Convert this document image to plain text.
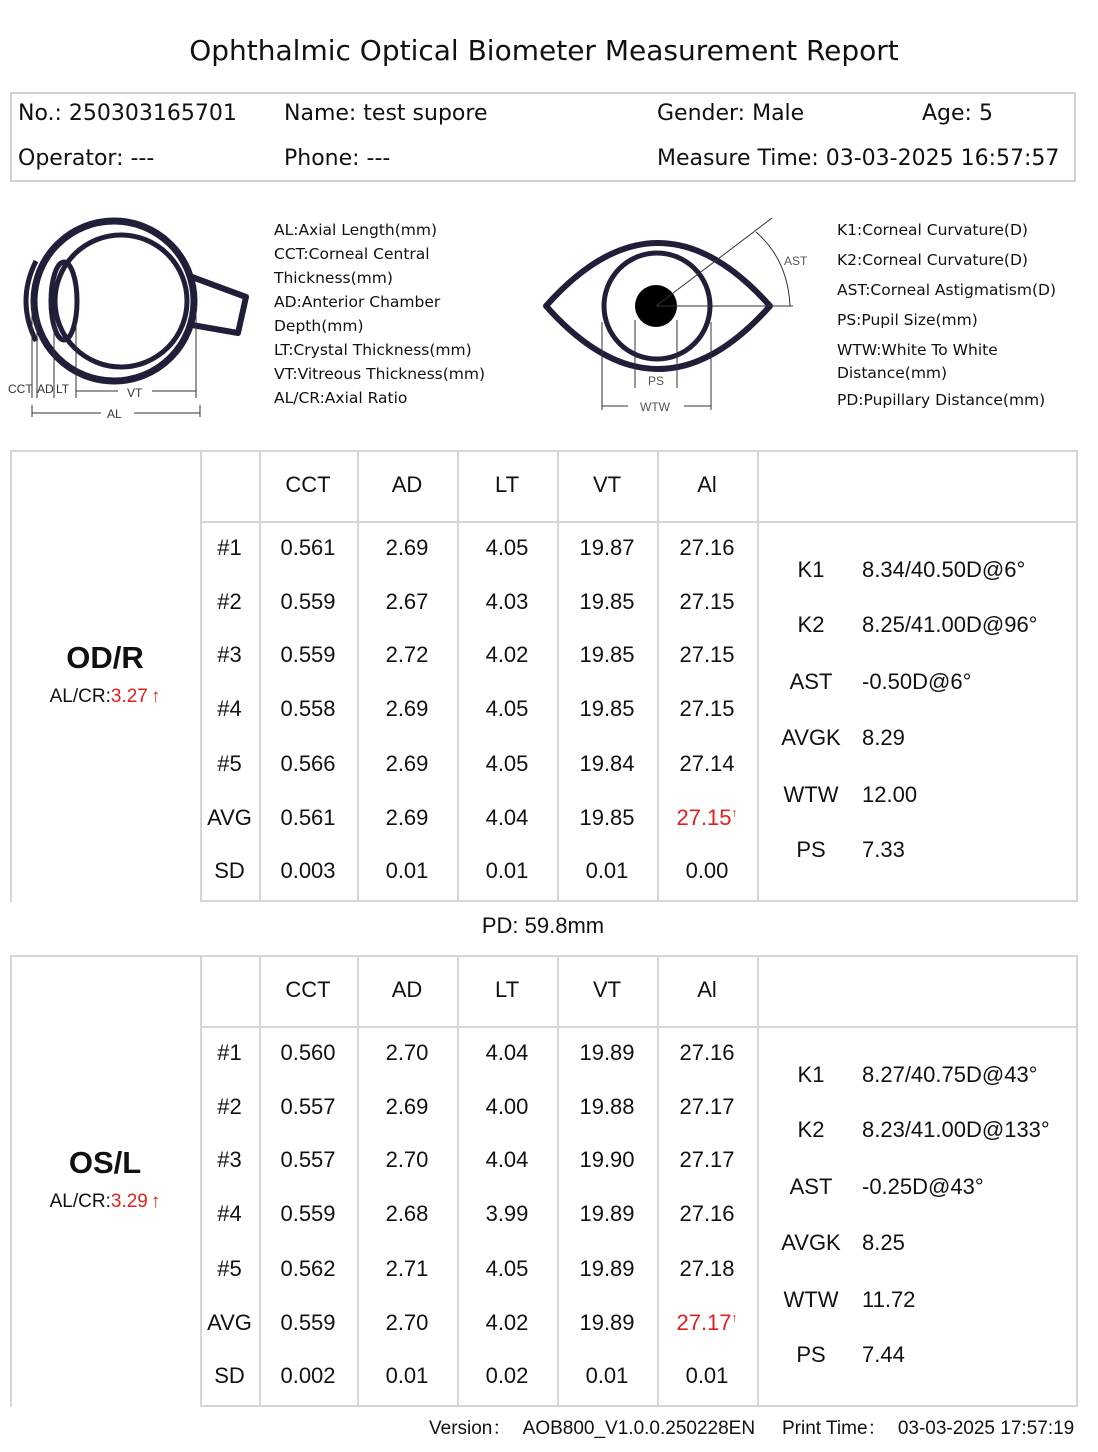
Ophthalmic Optical Biometer Measurement Report
No.: 250303165701 Name: test supore	Gender: Male	Age: 5
Operator: ---	Phone: ---	Measure Time: 03-03-2025 16:57:57
CCT AD LT	VT
AL
AL:Axial Length(mm)
CCT:Corneal Central
Thickness(mm)
AD:Anterior Chamber
Depth(mm)
LT:Crystal Thickness(mm)
VT:Vitreous Thickness(mm)
AL/CR:Axial Ratio
AST
PS
WTW
K1:Corneal Curvature(D)
K2:Corneal Curvature(D)
AST:Corneal Astigmatism(D)
PS:Pupil Size(mm)
WTW:White To White
Distance(mm)
PD:Pupillary Distance(mm)
CCT	AD	LT	VT	Al
#1	0.561	2.69	4.05	19.87	27.16
#2	0.559	2.67	4.03	19.85	27.15
#3	0.559	2.72	4.02	19.85	27.15
#4	0.558	2.69	4.05	19.85	27.15
#5	0.566	2.69	4.05	19.84	27.14
AVG	0.561	2.69	4.04	19.85	27.15↑
SD	0.003	0.01	0.01	0.01	0.00
OD/R
AL/CR:3.27 ↑
K1	8.34/40.50D@6°
K2	8.25/41.00D@96°
AST	-0.50D@6°
AVGK 8.29
WTW	12.00
PS	7.33
PD: 59.8mm
CCT	AD	LT	VT	Al
#1	0.560	2.70	4.04	19.89	27.16
#2	0.557	2.69	4.00	19.88	27.17
#3	0.557	2.70	4.04	19.90	27.17
#4	0.559	2.68	3.99	19.89	27.16
#5	0.562	2.71	4.05	19.89	27.18
AVG	0.559	2.70	4.02	19.89	27.17↑
SD	0.002	0.01	0.02	0.01	0.01
OS/L
AL/CR:3.29 ↑
K1	8.27/40.75D@43°
K2	8.23/41.00D@133°
AST	-0.25D@43°
AVGK 8.25
WTW	11.72
PS	7.44
Version： AOB800_V1.0.0.250228EN Print Time： 03-03-2025 17:57:19
